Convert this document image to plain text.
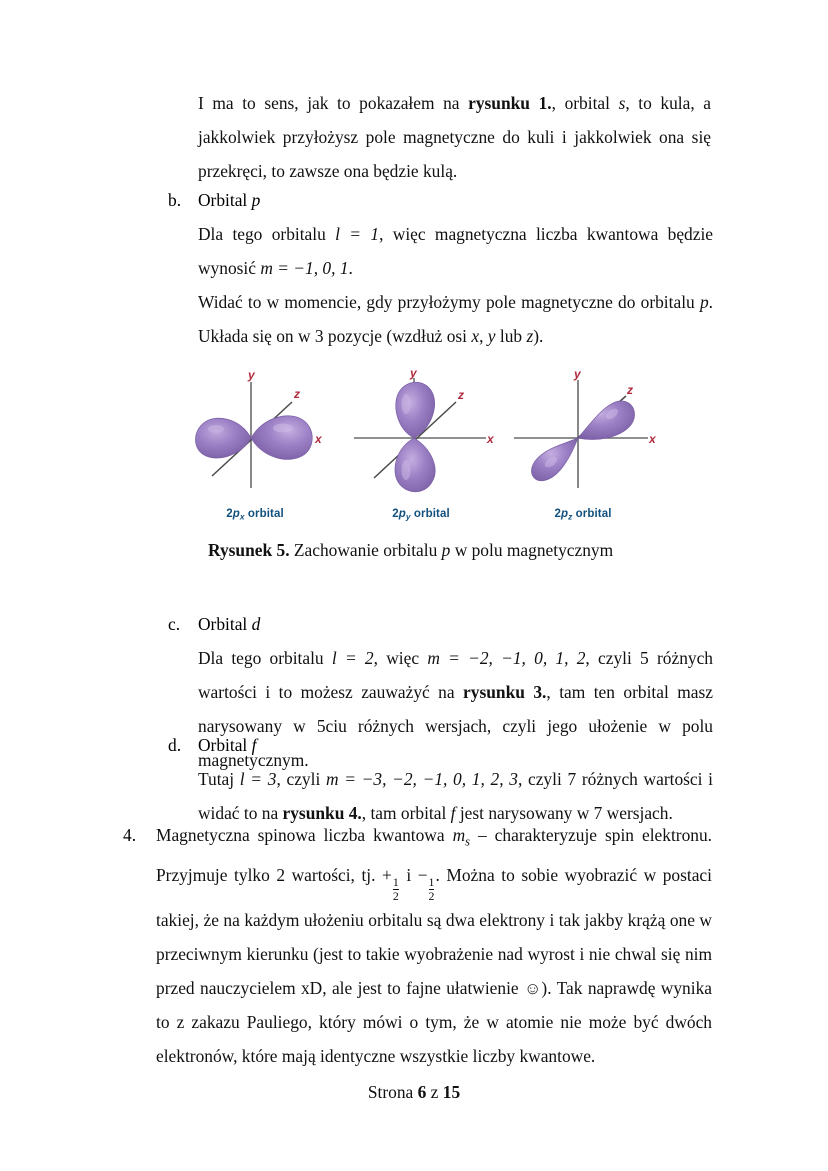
I ma to sens, jak to pokazałem na rysunku 1., orbital s, to kula, a jakkolwiek przyłożysz pole magnetyczne do kuli i jakkolwiek ona się przekręci, to zawsze ona będzie kulą.
b. Orbital p
Dla tego orbitalu l = 1, więc magnetyczna liczba kwantowa będzie wynosić m = −1, 0, 1.
Widać to w momencie, gdy przyłożymy pole magnetyczne do orbitalu p. Układa się on w 3 pozycje (wzdłuż osi x, y lub z).
y
z
x
$2p_x$ orbital
y
z
x
$2p_y$ orbital
y
z
x
$2p_z$ orbital
Rysunek 5. Zachowanie orbitalu p w polu magnetycznym
c.	Orbital d
Dla tego orbitalu l = 2, więc m = −2, −1, 0, 1, 2, czyli 5 różnych wartości i to możesz zauważyć na rysunku 3., tam ten orbital masz narysowany w 5ciu różnych wersjach, czyli jego ułożenie w polu magnetycznym.
d. Orbital f
Tutaj l = 3, czyli m = −3, −2, −1, 0, 1, 2, 3, czyli 7 różnych wartości i widać to na rysunku 4., tam orbital f jest narysowany w 7 wersjach.
4.	Magnetyczna spinowa liczba kwantowa $m_s$ – charakteryzuje spin elektronu. Przyjmuje tylko 2 wartości, tj. +
$\frac{1}{2}$
i −
$\frac{1}{2}$
. Można to sobie wyobrazić w postaci takiej, że na każdym ułożeniu orbitalu są dwa elektrony i tak jakby krążą one w przeciwnym kierunku (jest to takie wyobrażenie nad wyrost i nie chwal się nim przed nauczycielem xD, ale jest to fajne ułatwienie ☺). Tak naprawdę wynika to z zakazu Pauliego, który mówi o tym, że w atomie nie może być dwóch elektronów, które mają identyczne wszystkie liczby kwantowe.
Strona 6 z 15
